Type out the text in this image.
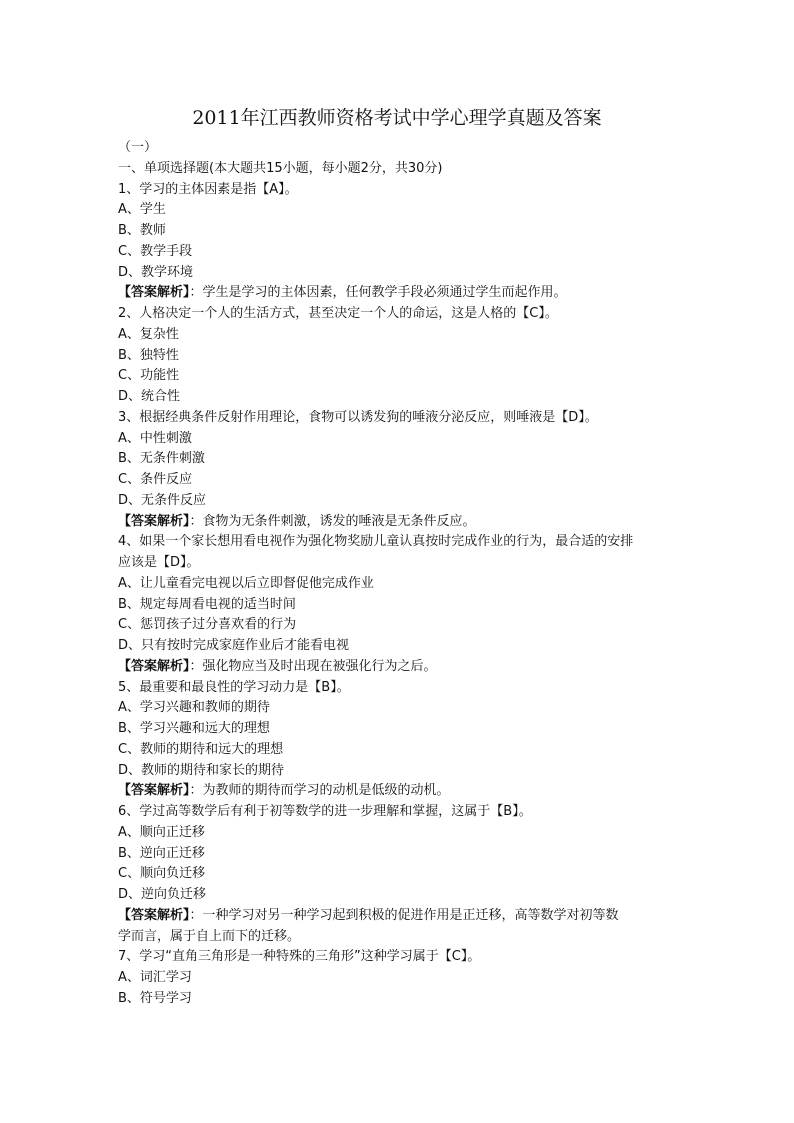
2011年江西教师资格考试中学心理学真题及答案
（一）
一、单项选择题(本大题共15小题，每小题2分，共30分)
1、学习的主体因素是指【A】。
A、学生
B、教师
C、教学手段
D、教学环境
【答案解析】：学生是学习的主体因素，任何教学手段必须通过学生而起作用。
2、人格决定一个人的生活方式，甚至决定一个人的命运，这是人格的【C】。
A、复杂性
B、独特性
C、功能性
D、统合性
3、根据经典条件反射作用理论，食物可以诱发狗的唾液分泌反应，则唾液是【D】。
A、中性刺激
B、无条件刺激
C、条件反应
D、无条件反应
【答案解析】：食物为无条件刺激，诱发的唾液是无条件反应。
4、如果一个家长想用看电视作为强化物奖励儿童认真按时完成作业的行为，最合适的安排
应该是【D】。
A、让儿童看完电视以后立即督促他完成作业
B、规定每周看电视的适当时间
C、惩罚孩子过分喜欢看的行为
D、只有按时完成家庭作业后才能看电视
【答案解析】：强化物应当及时出现在被强化行为之后。
5、最重要和最良性的学习动力是【B】。
A、学习兴趣和教师的期待
B、学习兴趣和远大的理想
C、教师的期待和远大的理想
D、教师的期待和家长的期待
【答案解析】：为教师的期待而学习的动机是低级的动机。
6、学过高等数学后有利于初等数学的进一步理解和掌握，这属于【B】。
A、顺向正迁移
B、逆向正迁移
C、顺向负迁移
D、逆向负迁移
【答案解析】：一种学习对另一种学习起到积极的促进作用是正迁移，高等数学对初等数
学而言，属于自上而下的迁移。
7、学习“直角三角形是一种特殊的三角形”这种学习属于【C】。
A、词汇学习
B、符号学习
